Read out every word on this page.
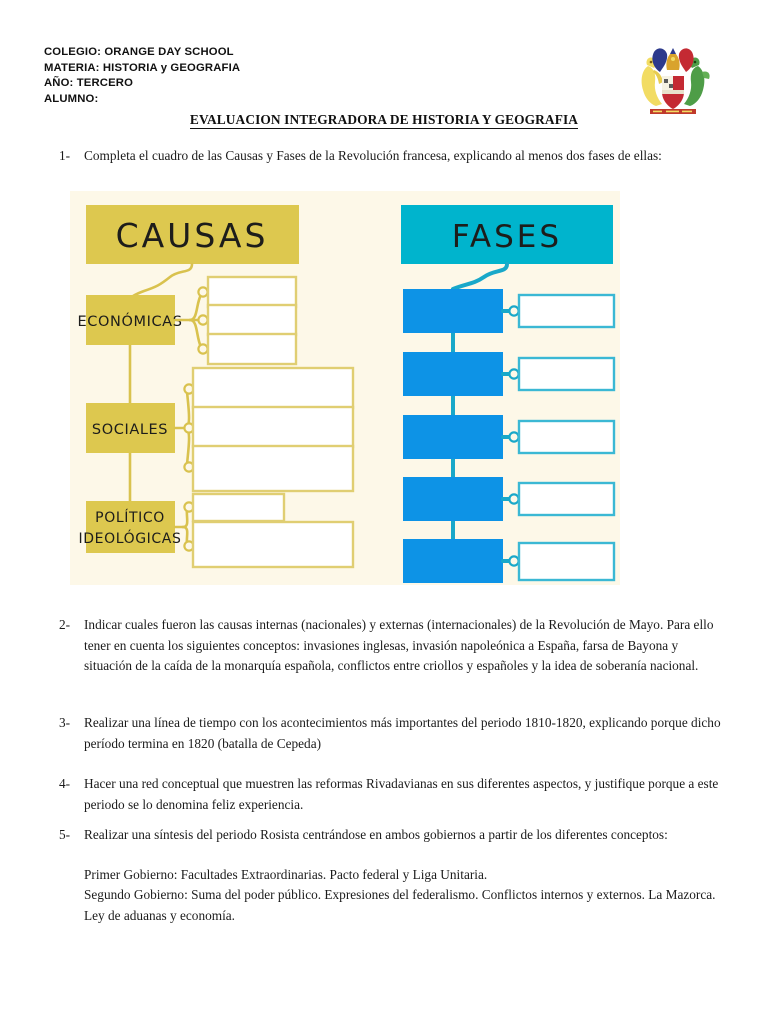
COLEGIO: ORANGE DAY SCHOOL
MATERIA: HISTORIA y GEOGRAFIA
AÑO: TERCERO
ALUMNO:
EVALUACION INTEGRADORA DE HISTORIA Y GEOGRAFIA
1-	Completa el cuadro de las Causas y Fases de la Revolución francesa, explicando al menos dos fases de ellas:

CAUSAS
ECONÓMICAS
SOCIALES
POLÍTICO
IDEOLÓGICAS
FASES
2-	Indicar cuales fueron las causas internas (nacionales) y externas (internacionales) de la Revolución de Mayo. Para ello tener en cuenta los siguientes conceptos: invasiones inglesas, invasión napoleónica a España, farsa de Bayona y situación de la caída de la monarquía española, conflictos entre criollos y españoles y la idea de soberanía nacional.

3-	Realizar una línea de tiempo con los acontecimientos más importantes del periodo 1810-1820, explicando porque dicho período termina en 1820 (batalla de Cepeda)

4-	Hacer una red conceptual que muestren las reformas Rivadavianas en sus diferentes aspectos, y justifique porque a este periodo se lo denomina feliz experiencia.

5-	Realizar una síntesis del periodo Rosista centrándose en ambos gobiernos a partir de los diferentes conceptos:

Primer Gobierno: Facultades Extraordinarias. Pacto federal y Liga Unitaria.

Segundo Gobierno: Suma del poder público. Expresiones del federalismo. Conflictos internos y externos. La Mazorca. Ley de aduanas y economía.
